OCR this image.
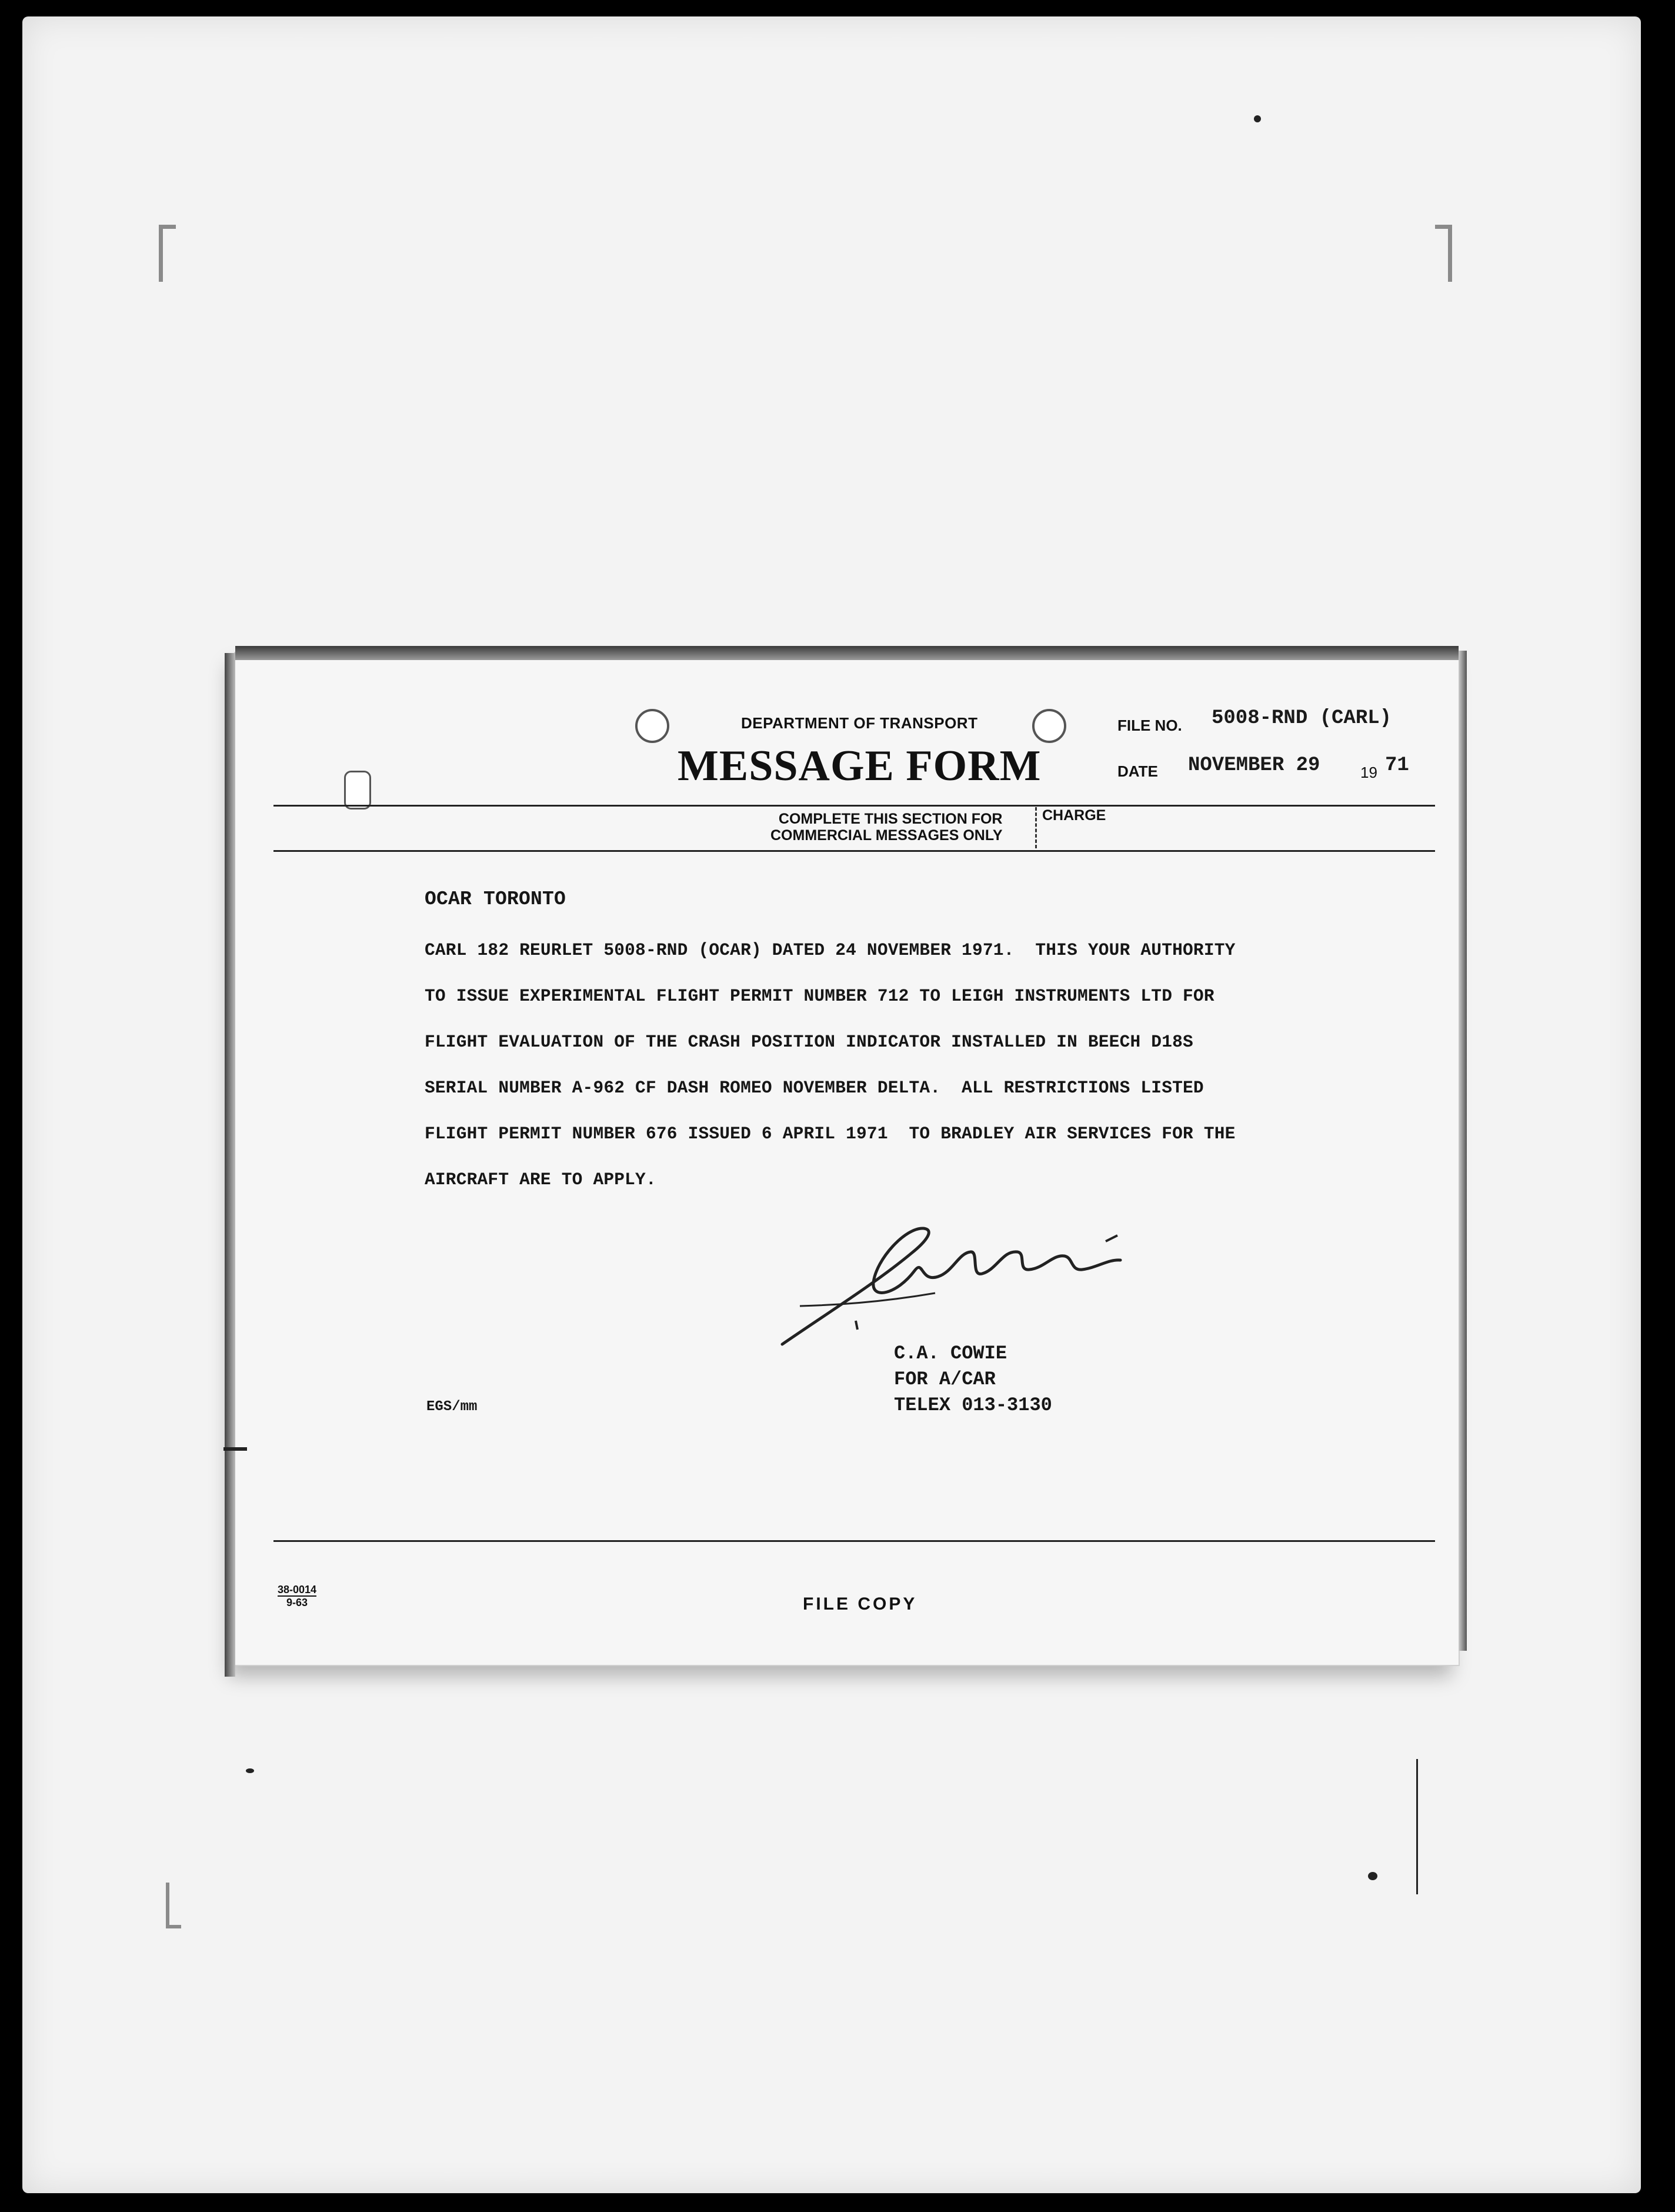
DEPARTMENT OF TRANSPORT
MESSAGE FORM
FILE NO. 5008-RND (CARL)
DATE NOVEMBER 29	19 71
COMPLETE THIS SECTION FOR
COMMERCIAL MESSAGES ONLY
CHARGE
OCAR TORONTO
CARL 182 REURLET 5008-RND (OCAR) DATED 24 NOVEMBER 1971.  THIS YOUR AUTHORITY
TO ISSUE EXPERIMENTAL FLIGHT PERMIT NUMBER 712 TO LEIGH INSTRUMENTS LTD FOR
FLIGHT EVALUATION OF THE CRASH POSITION INDICATOR INSTALLED IN BEECH D18S
SERIAL NUMBER A-962 CF DASH ROMEO NOVEMBER DELTA.  ALL RESTRICTIONS LISTED
FLIGHT PERMIT NUMBER 676 ISSUED 6 APRIL 1971  TO BRADLEY AIR SERVICES FOR THE
AIRCRAFT ARE TO APPLY.
C.A. COWIE
FOR A/CAR
TELEX 013-3130
EGS/mm
38-0014
9-63	FILE COPY
